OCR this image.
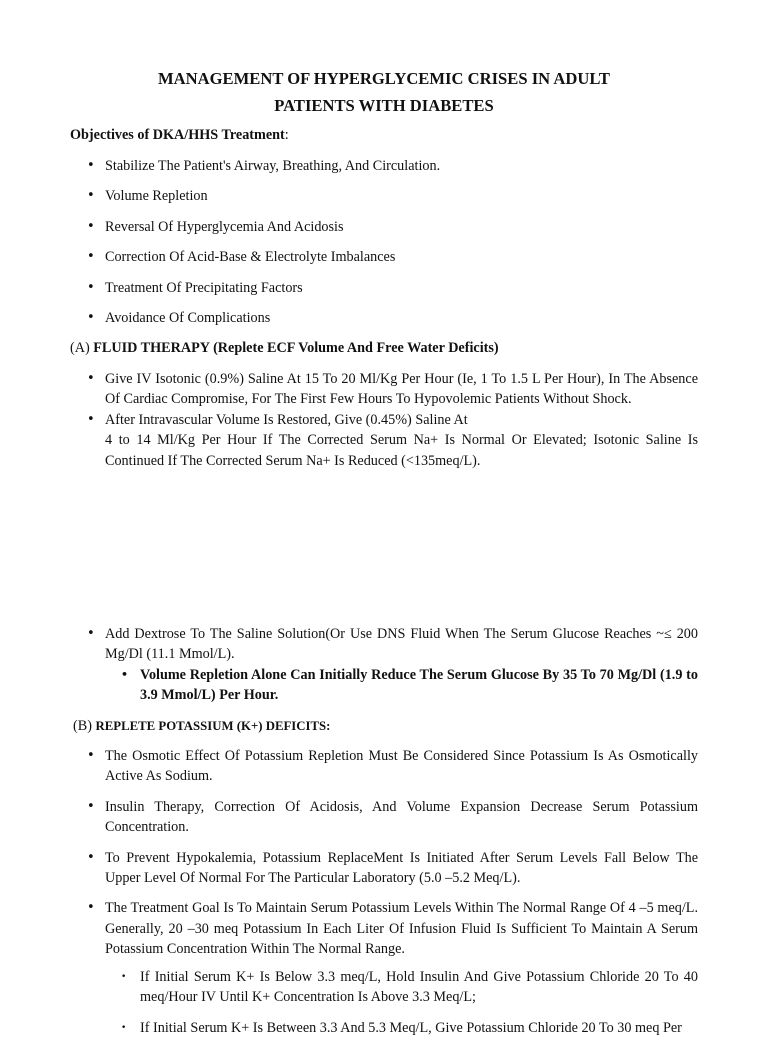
MANAGEMENT OF HYPERGLYCEMIC CRISES IN ADULT
PATIENTS WITH DIABETES
Objectives of DKA/HHS Treatment:
• Stabilize The Patient's Airway, Breathing, And Circulation.
• Volume Repletion
• Reversal Of Hyperglycemia And Acidosis
• Correction Of Acid-Base & Electrolyte Imbalances
• Treatment Of Precipitating Factors
• Avoidance Of Complications
(A) FLUID THERAPY (Replete ECF Volume And Free Water Deficits)
• Give IV Isotonic (0.9%) Saline At 15 To 20 Ml/Kg Per Hour (Ie, 1 To 1.5 L Per Hour), In The Absence Of Cardiac Compromise, For The First Few Hours To Hypovolemic Patients Without Shock.
• After Intravascular Volume Is Restored, Give (0.45%) Saline At
4 to 14 Ml/Kg Per Hour If The Corrected Serum Na+ Is Normal Or Elevated; Isotonic Saline Is Continued If The Corrected Serum Na+ Is Reduced (<135meq/L).
• Add Dextrose To The Saline Solution(Or Use DNS Fluid When The Serum Glucose Reaches ~≤ 200 Mg/Dl (11.1 Mmol/L).
• Volume Repletion Alone Can Initially Reduce The Serum Glucose By 35 To 70 Mg/Dl (1.9 to 3.9 Mmol/L) Per Hour.
(B) REPLETE POTASSIUM (K+) DEFICITS:
• The Osmotic Effect Of Potassium Repletion Must Be Considered Since Potassium Is As Osmotically Active As Sodium.
• Insulin Therapy, Correction Of Acidosis, And Volume Expansion Decrease Serum Potassium Concentration.
• To Prevent Hypokalemia, Potassium ReplaceMent Is Initiated After Serum Levels Fall Below The Upper Level Of Normal For The Particular Laboratory (5.0 –5.2 Meq/L).
• The Treatment Goal Is To Maintain Serum Potassium Levels Within The Normal Range Of 4 –5 meq/L. Generally, 20 –30 meq Potassium In Each Liter Of Infusion Fluid Is Sufficient To Maintain A Serum Potassium Concentration Within The Normal Range.
• If Initial Serum K+ Is Below 3.3 meq/L, Hold Insulin And Give Potassium Chloride 20 To 40 meq/Hour IV Until K+ Concentration Is Above 3.3 Meq/L;
• If Initial Serum K+ Is Between 3.3 And 5.3 Meq/L, Give Potassium Chloride 20 To 30 meq Per
